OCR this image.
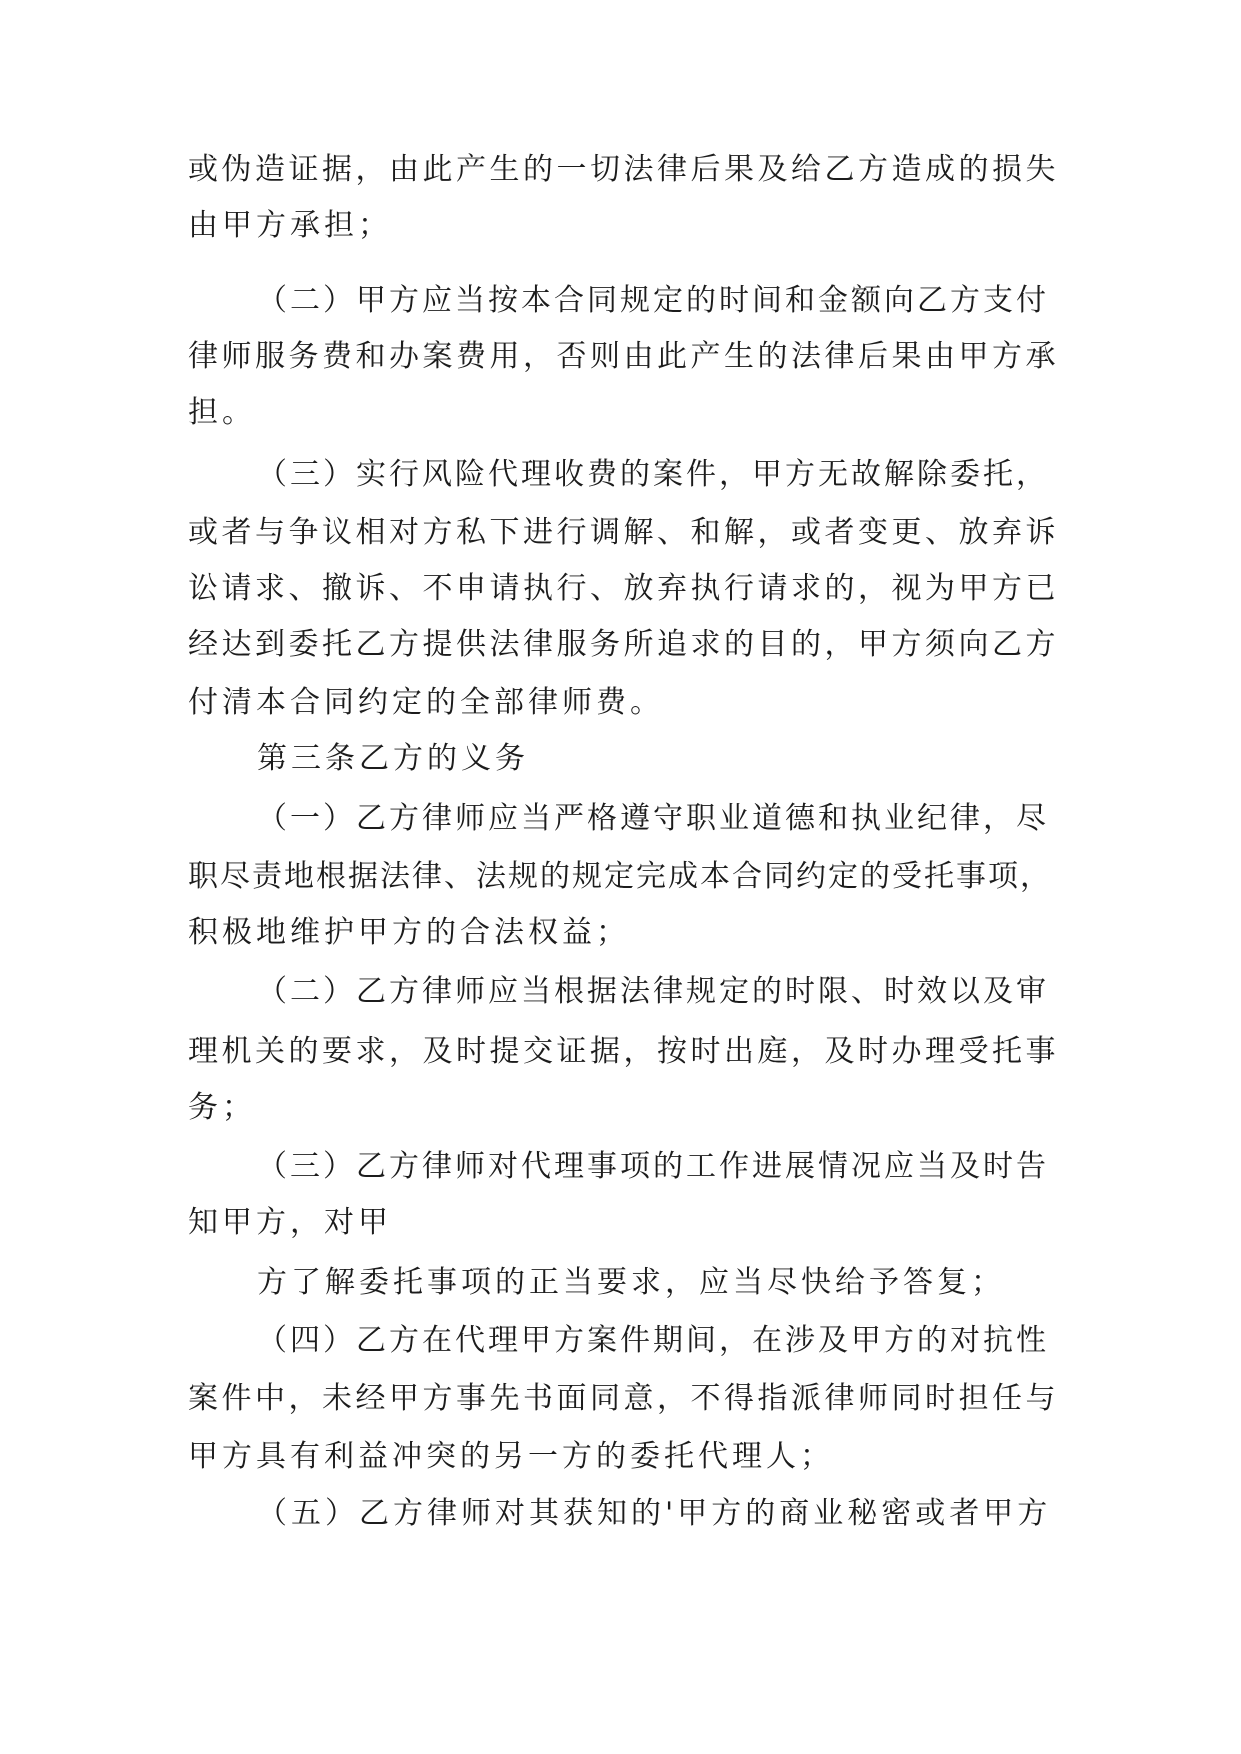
或伪造证据，由此产生的一切法律后果及给乙方造成的损失

由甲方承担；

（二）甲方应当按本合同规定的时间和金额向乙方支付

律师服务费和办案费用，否则由此产生的法律后果由甲方承

担。

（三）实行风险代理收费的案件，甲方无故解除委托，

或者与争议相对方私下进行调解、和解，或者变更、放弃诉

讼请求、撤诉、不申请执行、放弃执行请求的，视为甲方已

经达到委托乙方提供法律服务所追求的目的，甲方须向乙方

付清本合同约定的全部律师费。

第三条乙方的义务

（一）乙方律师应当严格遵守职业道德和执业纪律，尽

职尽责地根据法律、法规的规定完成本合同约定的受托事项，

积极地维护甲方的合法权益；

（二）乙方律师应当根据法律规定的时限、时效以及审

理机关的要求，及时提交证据，按时出庭，及时办理受托事

务；

（三）乙方律师对代理事项的工作进展情况应当及时告

知甲方，对甲

方了解委托事项的正当要求，应当尽快给予答复；

（四）乙方在代理甲方案件期间，在涉及甲方的对抗性

案件中，未经甲方事先书面同意，不得指派律师同时担任与

甲方具有利益冲突的另一方的委托代理人；

（五）乙方律师对其获知的'甲方的商业秘密或者甲方
